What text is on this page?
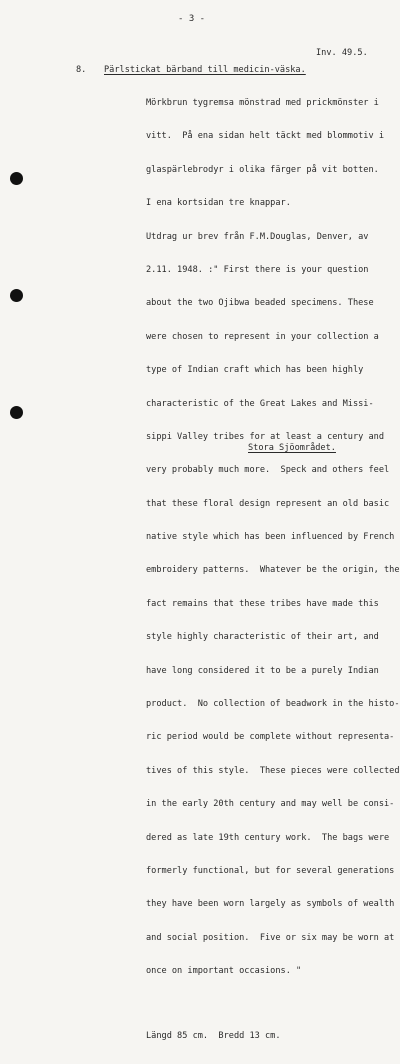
- 3 -
Inv. 49.5.
8. Pärlstickat bärband till medicin-väska.

Mörkbrun tygremsa mönstrad med prickmönster i

vitt.  På ena sidan helt täckt med blommotiv i

glaspärlebrodyr i olika färger på vit botten.

I ena kortsidan tre knappar.

Utdrag ur brev från F.M.Douglas, Denver, av

2.11. 1948. :" First there is your question

about the two Ojibwa beaded specimens. These

were chosen to represent in your collection a

type of Indian craft which has been highly

characteristic of the Great Lakes and Missi-

sippi Valley tribes for at least a century and

very probably much more.  Speck and others feel

that these floral design represent an old basic

native style which has been influenced by French

embroidery patterns.  Whatever be the origin, the

fact remains that these tribes have made this

style highly characteristic of their art, and

have long considered it to be a purely Indian

product.  No collection of beadwork in the histo-

ric period would be complete without representa-

tives of this style.  These pieces were collected

in the early 20th century and may well be consi-

dered as late 19th century work.  The bags were

formerly functional, but for several generations

they have been worn largely as symbols of wealth

and social position.  Five or six may be worn at

once on important occasions. "

Längd 85 cm.  Bredd 13 cm.

Stora Sjöområdet.
